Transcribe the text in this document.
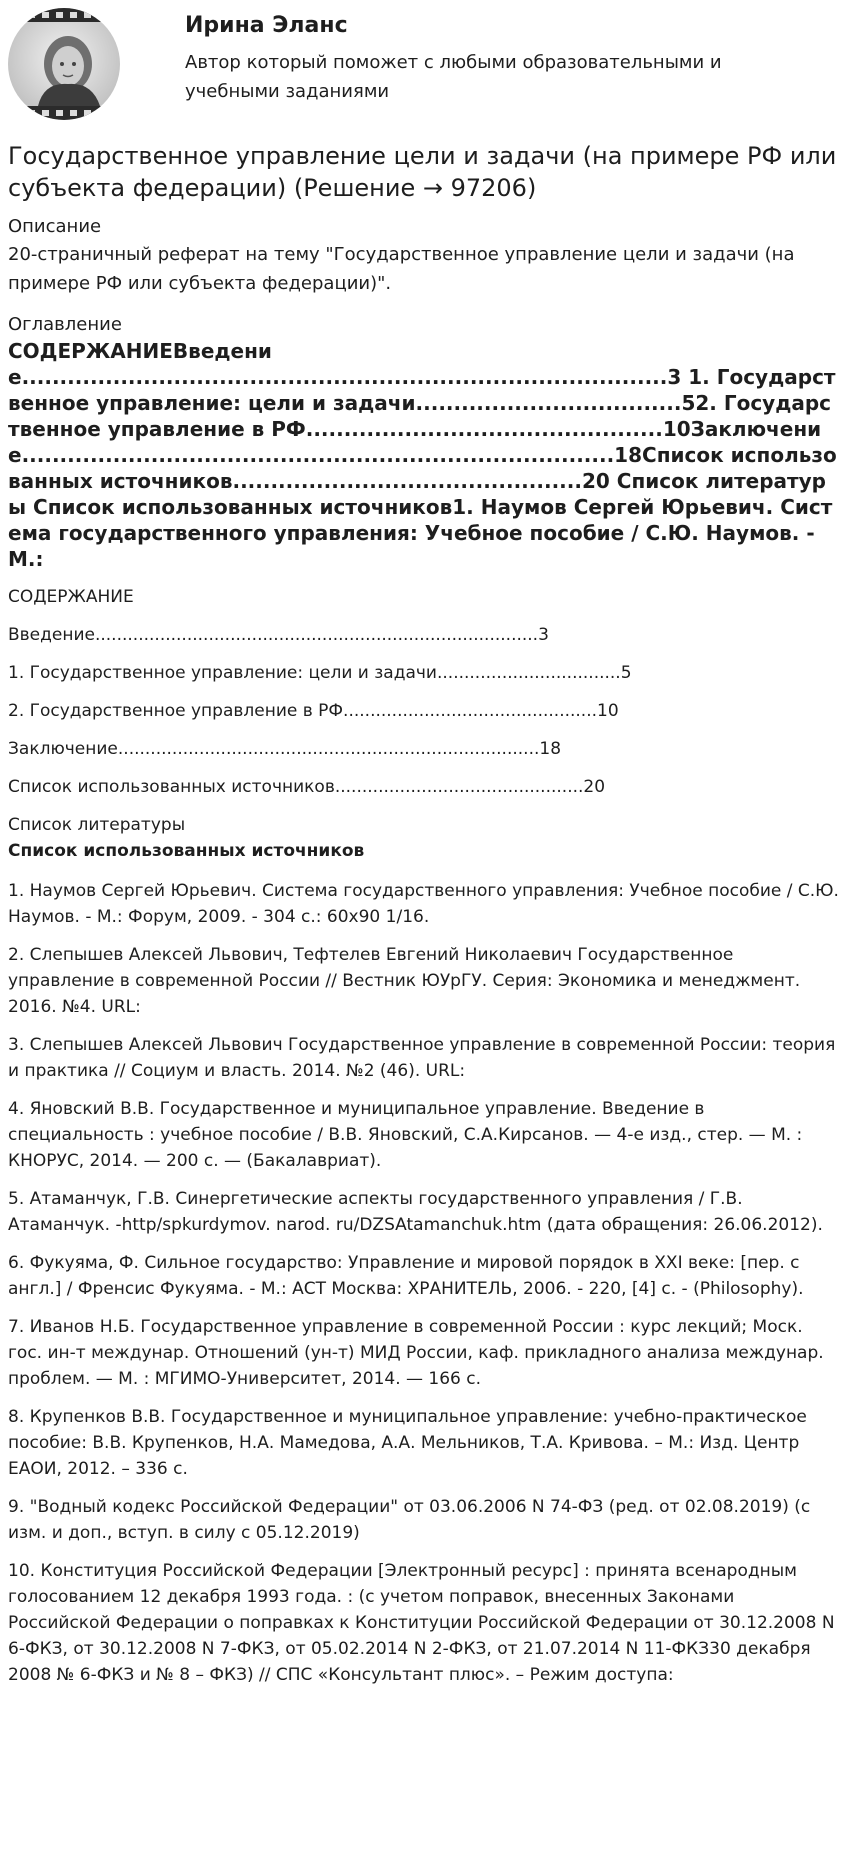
Ирина Эланс

Автор который поможет с любыми образовательными и учебными заданиями

Государственное управление цели и задачи (на примере РФ или субъекта федерации) (Решение → 97206)

Описание

20-страничный реферат на тему "Государственное управление цели и задачи (на примере РФ или субъекта федерации)".

Оглавление

СОДЕРЖАНИЕВведение.....................................................................................3 1. Государственное управление: цели и задачи...................................52. Государственное управление в РФ...............................................10Заключение..............................................................................18Список использованных источников..............................................20 Список литературы Список использованных источников1. Наумов Сергей Юрьевич. Система государственного управления: Учебное пособие / С.Ю. Наумов. - М.:

СОДЕРЖАНИЕ

Введение..................................................................................3

1. Государственное управление: цели и задачи..................................5

2. Государственное управление в РФ...............................................10

Заключение..............................................................................18

Список использованных источников..............................................20

Список литературы

Список использованных источников

1. Наумов Сергей Юрьевич. Система государственного управления: Учебное пособие / С.Ю. Наумов. - М.: Форум, 2009. - 304 с.: 60х90 1/16.

2. Слепышев Алексей Львович, Тефтелев Евгений Николаевич Государственное управление в современной России // Вестник ЮУрГУ. Серия: Экономика и менеджмент. 2016. №4. URL:

3. Слепышев Алексей Львович Государственное управление в современной России: теория и практика // Социум и власть. 2014. №2 (46). URL:

4. Яновский В.В. Государственное и муниципальное управление. Введение в специальность : учебное пособие / В.В. Яновский, С.А.Кирсанов. — 4-е изд., стер. — М. : КНОРУС, 2014. — 200 с. — (Бакалавриат).

5. Атаманчук, Г.В. Синергетические аспекты государственного управления / Г.В. Атаманчук. -http/spkurdymov. narod. ru/DZSAtamanchuk.htm (дата обращения: 26.06.2012).

6. Фукуяма, Ф. Сильное государство: Управление и мировой порядок в XXI веке: [пер. с англ.] / Френсис Фукуяма. - М.: АСТ Москва: ХРАНИТЕЛЬ, 2006. - 220, [4] с. - (Philosophy).

7. Иванов Н.Б. Государственное управление в современной России : курс лекций; Моск. гос. ин-т междунар. Отношений (ун-т) МИД России, каф. прикладного анализа междунар. проблем. — М. : МГИМО-Университет, 2014. — 166 с.

8. Крупенков В.В. Государственное и муниципальное управление: учебно-практическое пособие: В.В. Крупенков, Н.А. Мамедова, А.А. Мельников, Т.А. Кривова. – М.: Изд. Центр ЕАОИ, 2012. – 336 с.

9. "Водный кодекс Российской Федерации" от 03.06.2006 N 74-ФЗ (ред. от 02.08.2019) (с изм. и доп., вступ. в силу с 05.12.2019)

10. Конституция Российской Федерации [Электронный ресурс] : принята всенародным голосованием 12 декабря 1993 года. : (с учетом поправок, внесенных Законами Российской Федерации о поправках к Конституции Российской Федерации от 30.12.2008 N 6-ФКЗ, от 30.12.2008 N 7-ФКЗ, от 05.02.2014 N 2-ФКЗ, от 21.07.2014 N 11-ФКЗ30 декабря 2008 № 6-ФКЗ и № 8 – ФКЗ) // СПС «Консультант плюс». – Режим доступа:
